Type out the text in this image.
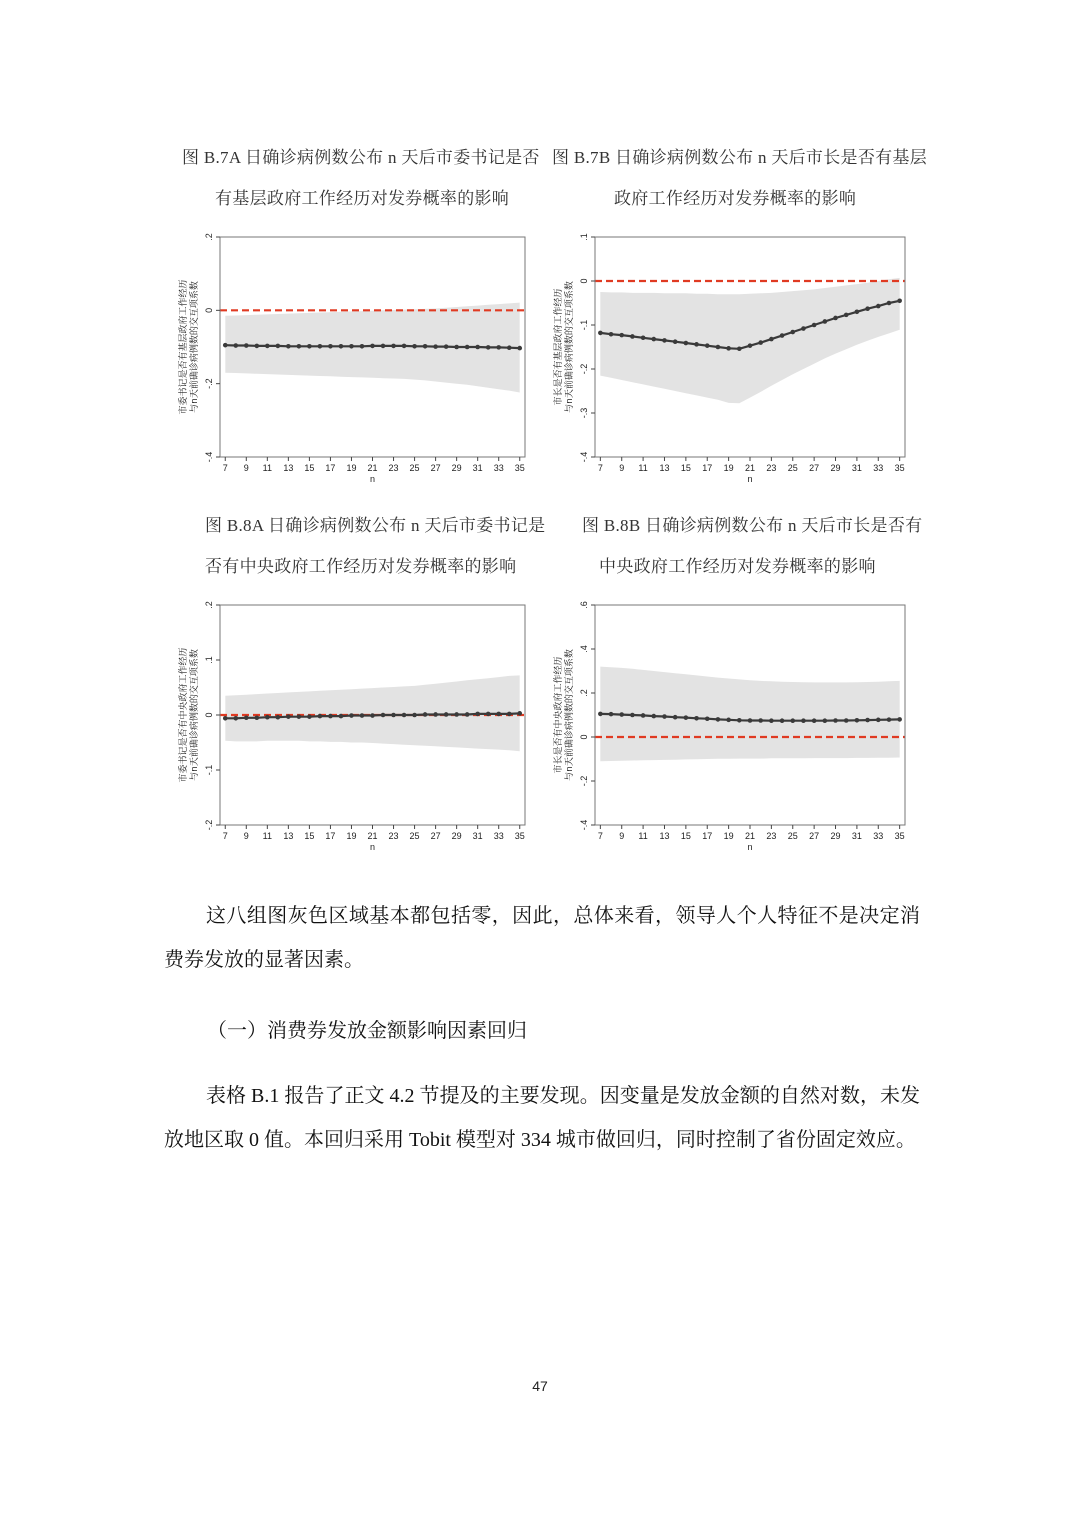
图 B.7A 日确诊病例数公布 n 天后市委书记是否
有基层政府工作经历对发券概率的影响
图 B.7B 日确诊病例数公布 n 天后市长是否有基层
政府工作经历对发券概率的影响
图 B.8A 日确诊病例数公布 n 天后市委书记是
否有中央政府工作经历对发券概率的影响
图 B.8B 日确诊病例数公布 n 天后市长是否有
中央政府工作经历对发券概率的影响
-.4
-.2
0
.2
7 9 11 13 15 17 19 21 23 25 27 29 31 33 35
n
市委书记是否有基层政府工作经历 与n天前确诊病例数的交互项系数
-.4
-.3
-.2
-.1
0
.1
7 9 11 13 15 17 19 21 23 25 27 29 31 33 35
n
市长是否有基层政府工作经历 与n天前确诊病例数的交互项系数
-.2
-.1
0
.1
.2
7 9 11 13 15 17 19 21 23 25 27 29 31 33 35
n
市委书记是否有中央政府工作经历 与n天前确诊病例数的交互项系数
-.4
-.2
0
.2
.4
.6
7 9 11 13 15 17 19 21 23 25 27 29 31 33 35
n
市长是否有中央政府工作经历 与n天前确诊病例数的交互项系数
这八组图灰色区域基本都包括零，因此，总体来看，领导人个人特征不是决定消费券发放的显著因素。
（一）消费券发放金额影响因素回归
表格 B.1 报告了正文 4.2 节提及的主要发现。因变量是发放金额的自然对数，未发放地区取 0 值。本回归采用 Tobit 模型对 334 城市做回归，同时控制了省份固定效应。
47
